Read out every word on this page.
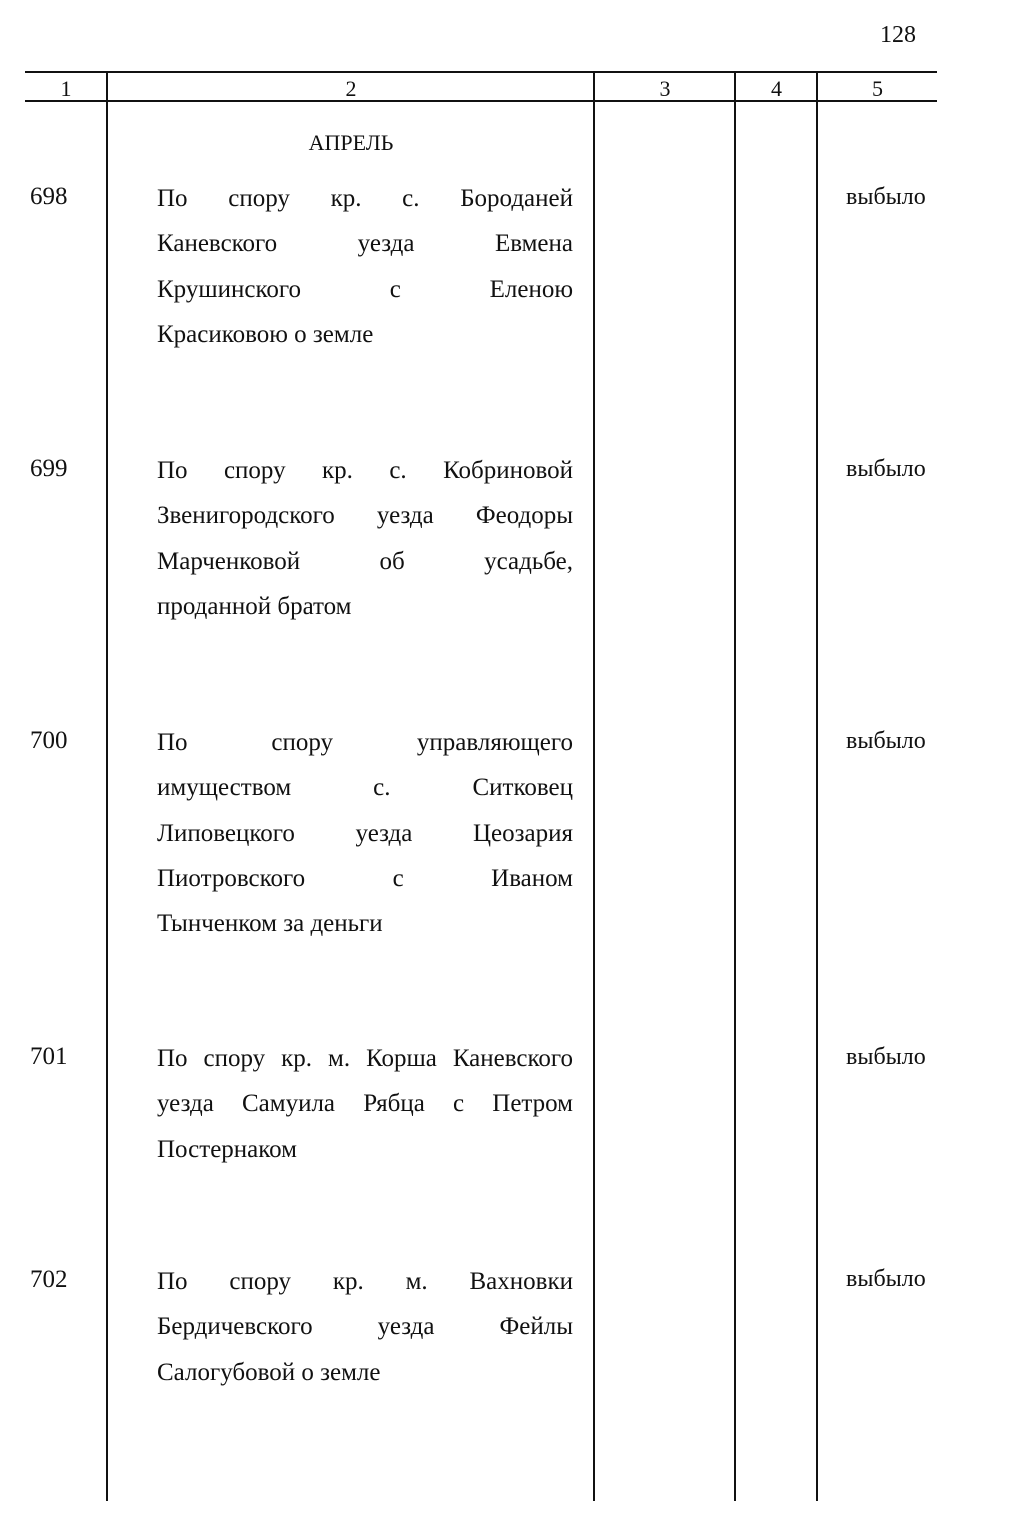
128
1	2	3	4	5
АПРЕЛЬ
698	По спору кр. с. Бороданей
Каневского уезда Евмена
Крушинского с Еленою
Красиковою о земле
выбыло
699	По спору кр. с. Кобриновой
Звенигородского уезда Феодоры
Марченковой об усадьбе,
проданной братом
выбыло
700	По спору управляющего
имуществом с. Ситковец
Липовецкого уезда Цеозария
Пиотровского с Иваном
Тынченком за деньги
выбыло
701	По спору кр. м. Корша Каневского
уезда Самуила Рябца с Петром
Постернаком
выбыло
702	По спору кр. м. Вахновки
Бердичевского уезда Фейлы
Салогубовой о земле
выбыло
